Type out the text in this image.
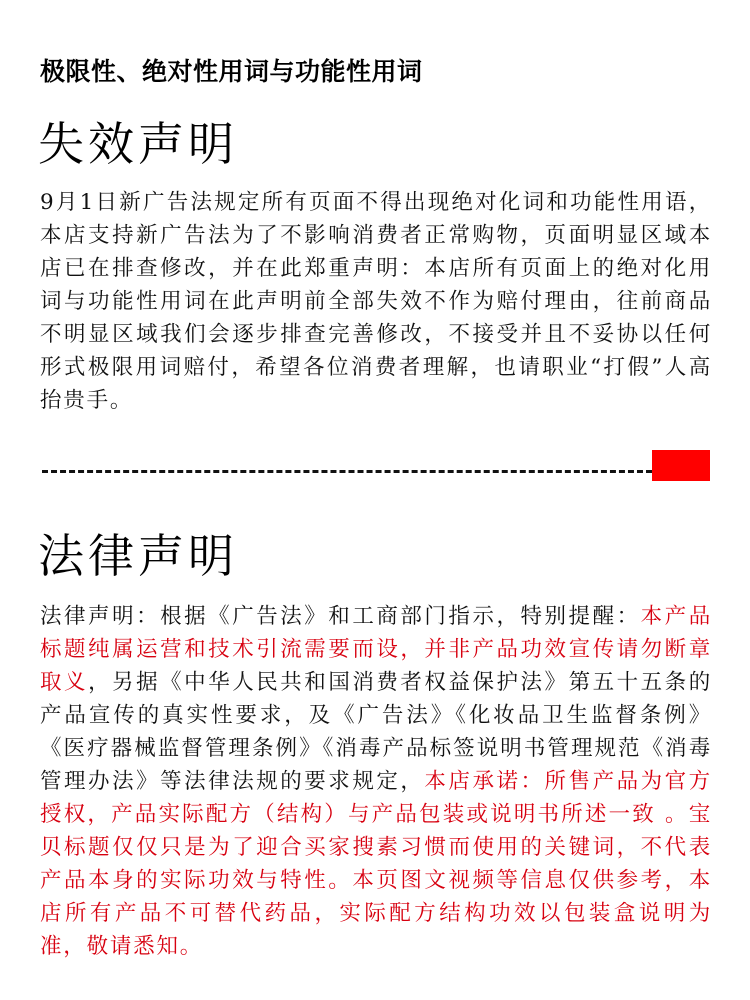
极限性、绝对性用词与功能性用词
失效声明

9月1日新广告法规定所有页面不得出现绝对化词和功能性用语，本店支持新广告法为了不影响消费者正常购物，页面明显区域本店已在排查修改，并在此郑重声明：本店所有页面上的绝对化用词与功能性用词在此声明前全部失效不作为赔付理由，往前商品不明显区域我们会逐步排查完善修改，不接受并且不妥协以任何形式极限用词赔付，希望各位消费者理解，也请职业“打假”人高抬贵手。

法律声明

法律声明：根据《广告法》和工商部门指示，特别提醒：本产品标题纯属运营和技术引流需要而设，并非产品功效宣传请勿断章取义，另据《中华人民共和国消费者权益保护法》第五十五条的产品宣传的真实性要求，及《广告法》《化妆品卫生监督条例》《医疗器械监督管理条例》《消毒产品标签说明书管理规范《消毒管理办法》等法律法规的要求规定，本店承诺：所售产品为官方授权，产品实际配方（结构）与产品包装或说明书所述一致 。宝贝标题仅仅只是为了迎合买家搜素习惯而使用的关键词，不代表产品本身的实际功效与特性。本页图文视频等信息仅供参考，本店所有产品不可替代药品，实际配方结构功效以包装盒说明为准，敬请悉知。
